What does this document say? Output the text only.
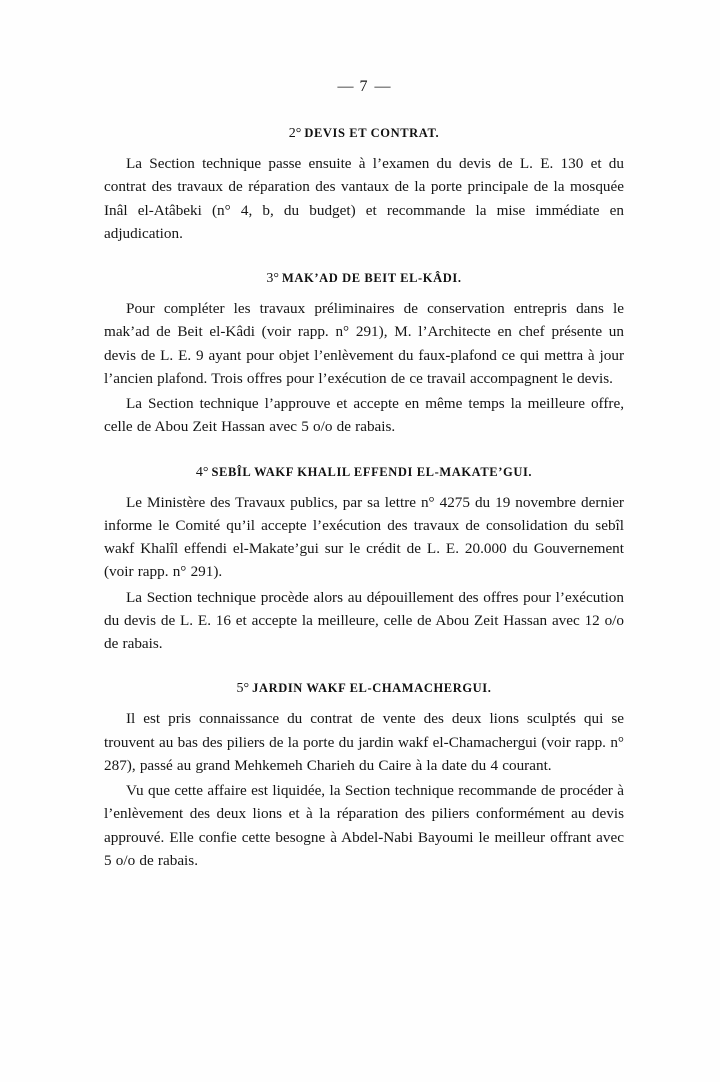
— 7 —
2° DEVIS ET CONTRAT.

La Section technique passe ensuite à l’examen du devis de L. E. 130 et du contrat des travaux de réparation des vantaux de la porte principale de la mosquée Inâl el-Atâbeki (n° 4, b, du budget) et recommande la mise immédiate en adjudication.

3° MAK’AD DE BEIT EL-KÂDI.

Pour compléter les travaux préliminaires de conservation entrepris dans le mak’ad de Beit el-Kâdi (voir rapp. n° 291), M. l’Architecte en chef présente un devis de L. E. 9 ayant pour objet l’enlèvement du faux-plafond ce qui mettra à jour l’ancien plafond. Trois offres pour l’exécution de ce travail accompagnent le devis.

La Section technique l’approuve et accepte en même temps la meilleure offre, celle de Abou Zeit Hassan avec 5 o/o de rabais.

4° SEBÎL WAKF KHALIL EFFENDI EL-MAKATE’GUI.

Le Ministère des Travaux publics, par sa lettre n° 4275 du 19 novembre dernier informe le Comité qu’il accepte l’exécution des travaux de consolidation du sebîl wakf Khalîl effendi el-Makate’gui sur le crédit de L. E. 20.000 du Gouvernement (voir rapp. n° 291).

La Section technique procède alors au dépouillement des offres pour l’exécution du devis de L. E. 16 et accepte la meilleure, celle de Abou Zeit Hassan avec 12 o/o de rabais.

5° JARDIN WAKF EL-CHAMACHERGUI.

Il est pris connaissance du contrat de vente des deux lions sculptés qui se trouvent au bas des piliers de la porte du jardin wakf el-Chamachergui (voir rapp. n° 287), passé au grand Mehkemeh Charieh du Caire à la date du 4 courant.

Vu que cette affaire est liquidée, la Section technique recommande de procéder à l’enlèvement des deux lions et à la réparation des piliers conformément au devis approuvé. Elle confie cette besogne à Abdel-Nabi Bayoumi le meilleur offrant avec 5 o/o de rabais.
